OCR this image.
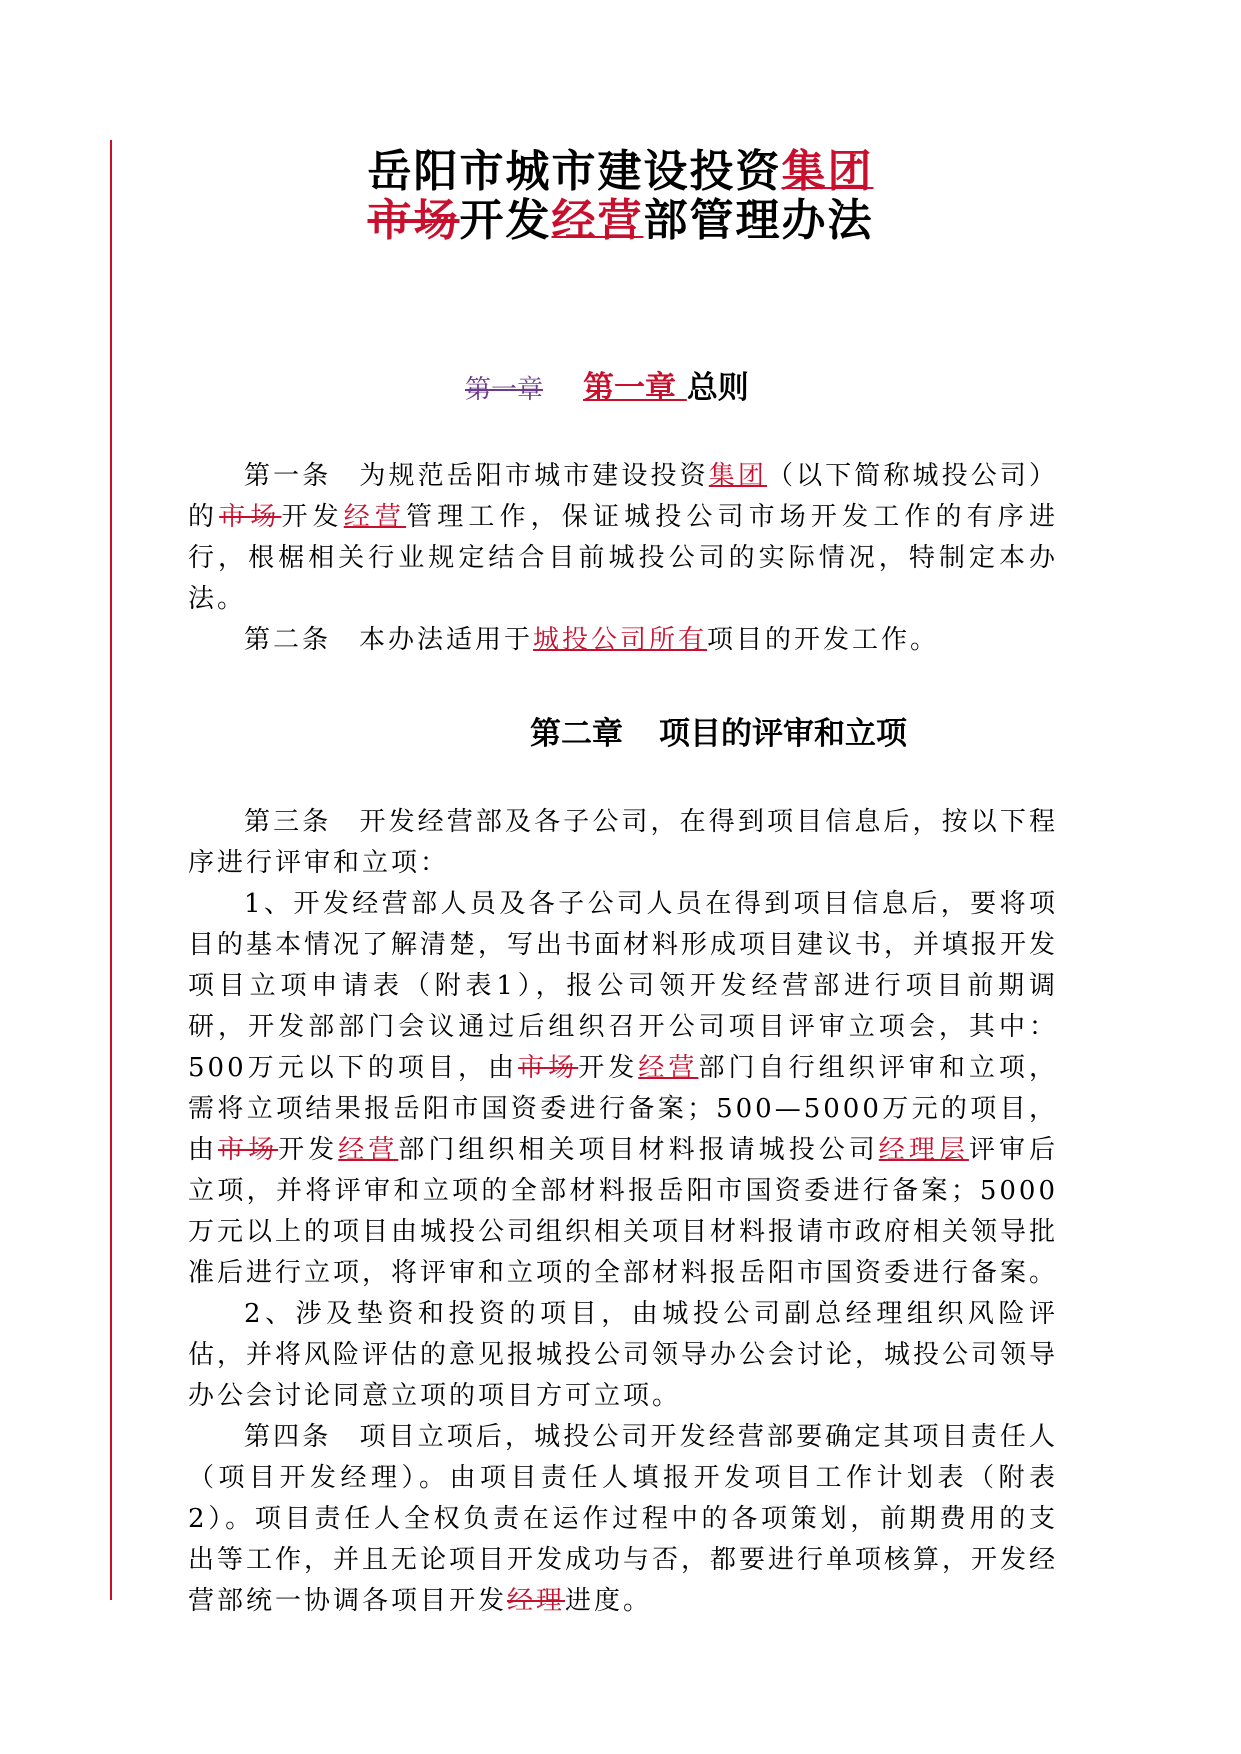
岳阳市城市建设投资集团
市场开发经营部管理办法
第一章 第一章 总则

第一条 为规范岳阳市城市建设投资集团（以下简称城投公司）的市场开发经营管理工作，保证城投公司市场开发工作的有序进行，根椐相关行业规定结合目前城投公司的实际情况，特制定本办法。

第二条 本办法适用于城投公司所有项目的开发工作。

第二章 项目的评审和立项

第三条 开发经营部及各子公司，在得到项目信息后，按以下程序进行评审和立项：

1、开发经营部人员及各子公司人员在得到项目信息后，要将项目的基本情况了解清楚，写出书面材料形成项目建议书，并填报开发项目立项申请表（附表1），报公司领开发经营部进行项目前期调研，开发部部门会议通过后组织召开公司项目评审立项会，其中：500万元以下的项目，由市场开发经营部门自行组织评审和立项，需将立项结果报岳阳市国资委进行备案；500—5000万元的项目，由市场开发经营部门组织相关项目材料报请城投公司经理层评审后立项，并将评审和立项的全部材料报岳阳市国资委进行备案；5000万元以上的项目由城投公司组织相关项目材料报请市政府相关领导批准后进行立项，将评审和立项的全部材料报岳阳市国资委进行备案。

2、涉及垫资和投资的项目，由城投公司副总经理组织风险评估，并将风险评估的意见报城投公司领导办公会讨论，城投公司领导办公会讨论同意立项的项目方可立项。

第四条 项目立项后，城投公司开发经营部要确定其项目责任人（项目开发经理）。由项目责任人填报开发项目工作计划表（附表2）。项目责任人全权负责在运作过程中的各项策划，前期费用的支出等工作，并且无论项目开发成功与否，都要进行单项核算，开发经营部统一协调各项目开发经理进度。
